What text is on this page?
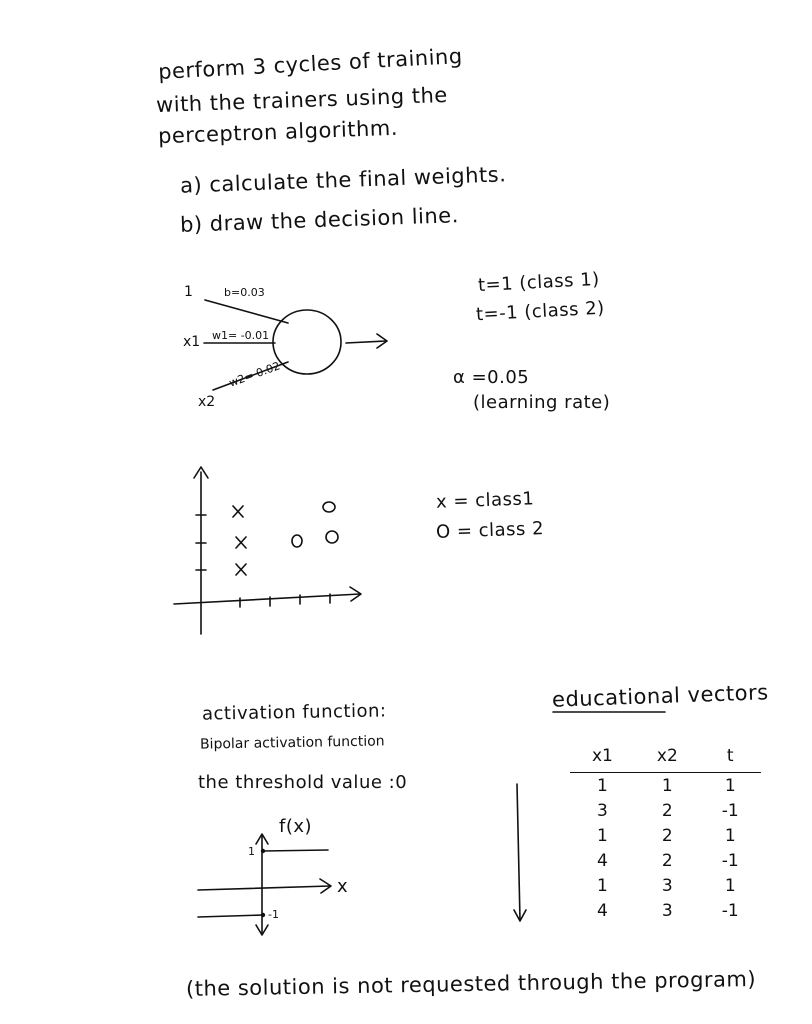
perform 3 cycles of training
with the trainers using the
perceptron algorithm.
a) calculate the final weights.
b) draw the decision line.
1	b=0.03
x1 w1= -0.01
x2
w2= 0.02
t=1 (class 1)
t=-1 (class 2)
α =0.05
(learning rate)
x = class1
O = class 2
activation function:
Bipolar activation function
the threshold value :0
f(x)
x
1
-1
educational vectors
x1	x2	t
1	1	1
3	2	-1
1	2	1
4	2	-1
1	3	1
4	3	-1
(the solution is not requested through the program)
